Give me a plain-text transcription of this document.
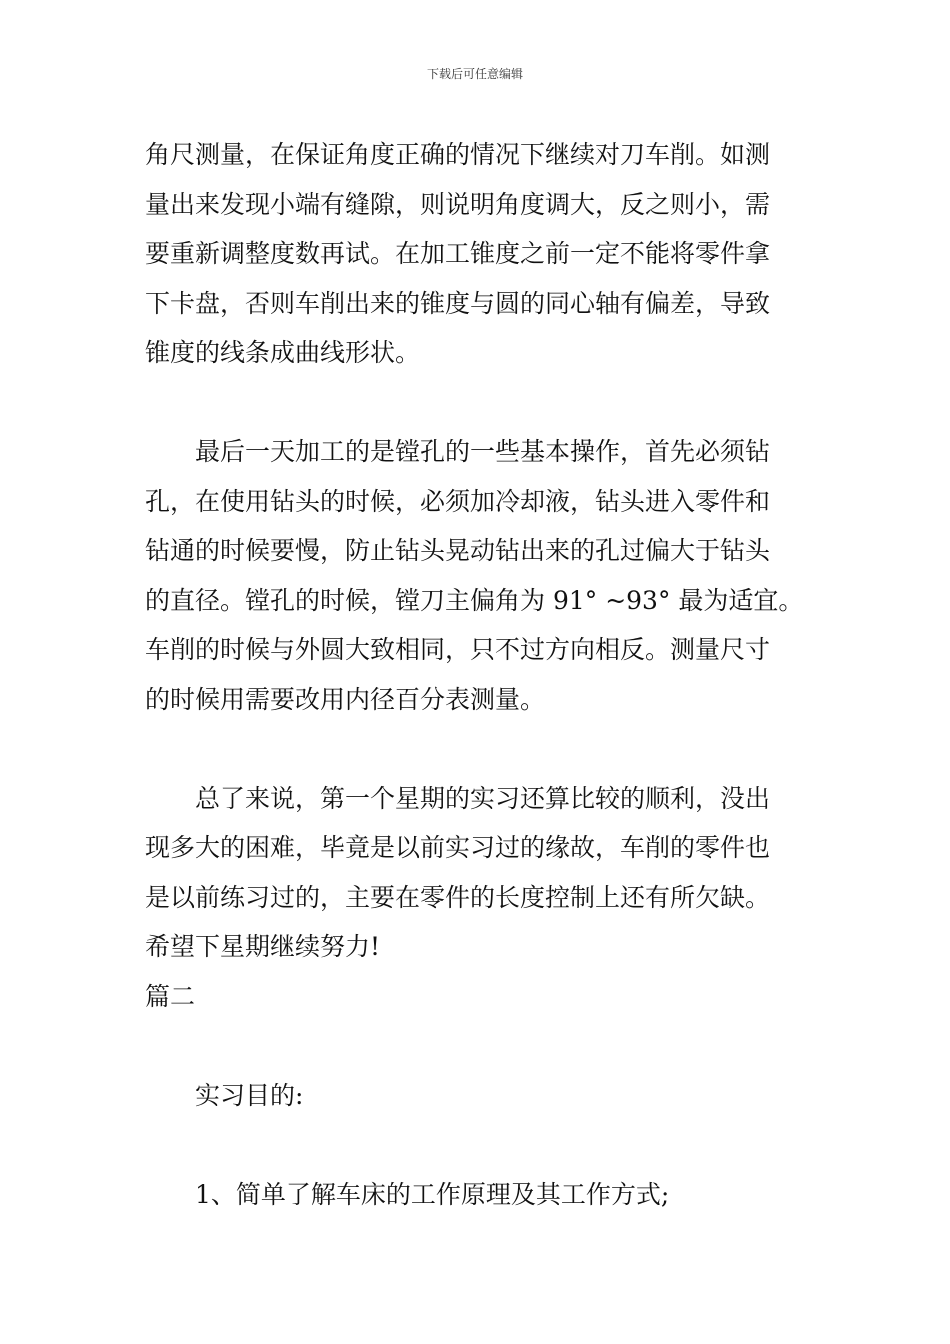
下载后可任意编辑
角尺测量，在保证角度正确的情况下继续对刀车削。如测
量出来发现小端有缝隙，则说明角度调大，反之则小，需
要重新调整度数再试。在加工锥度之前一定不能将零件拿
下卡盘，否则车削出来的锥度与圆的同心轴有偏差，导致
锥度的线条成曲线形状。
最后一天加工的是镗孔的一些基本操作，首先必须钻
孔，在使用钻头的时候，必须加冷却液，钻头进入零件和
钻通的时候要慢，防止钻头晃动钻出来的孔过偏大于钻头
的直径。镗孔的时候，镗刀主偏角为 91° ~93° 最为适宜。
车削的时候与外圆大致相同，只不过方向相反。测量尺寸
的时候用需要改用内径百分表测量。
总了来说，第一个星期的实习还算比较的顺利，没出
现多大的困难，毕竟是以前实习过的缘故，车削的零件也
是以前练习过的，主要在零件的长度控制上还有所欠缺。
希望下星期继续努力!
篇二
实习目的:
1、简单了解车床的工作原理及其工作方式;
